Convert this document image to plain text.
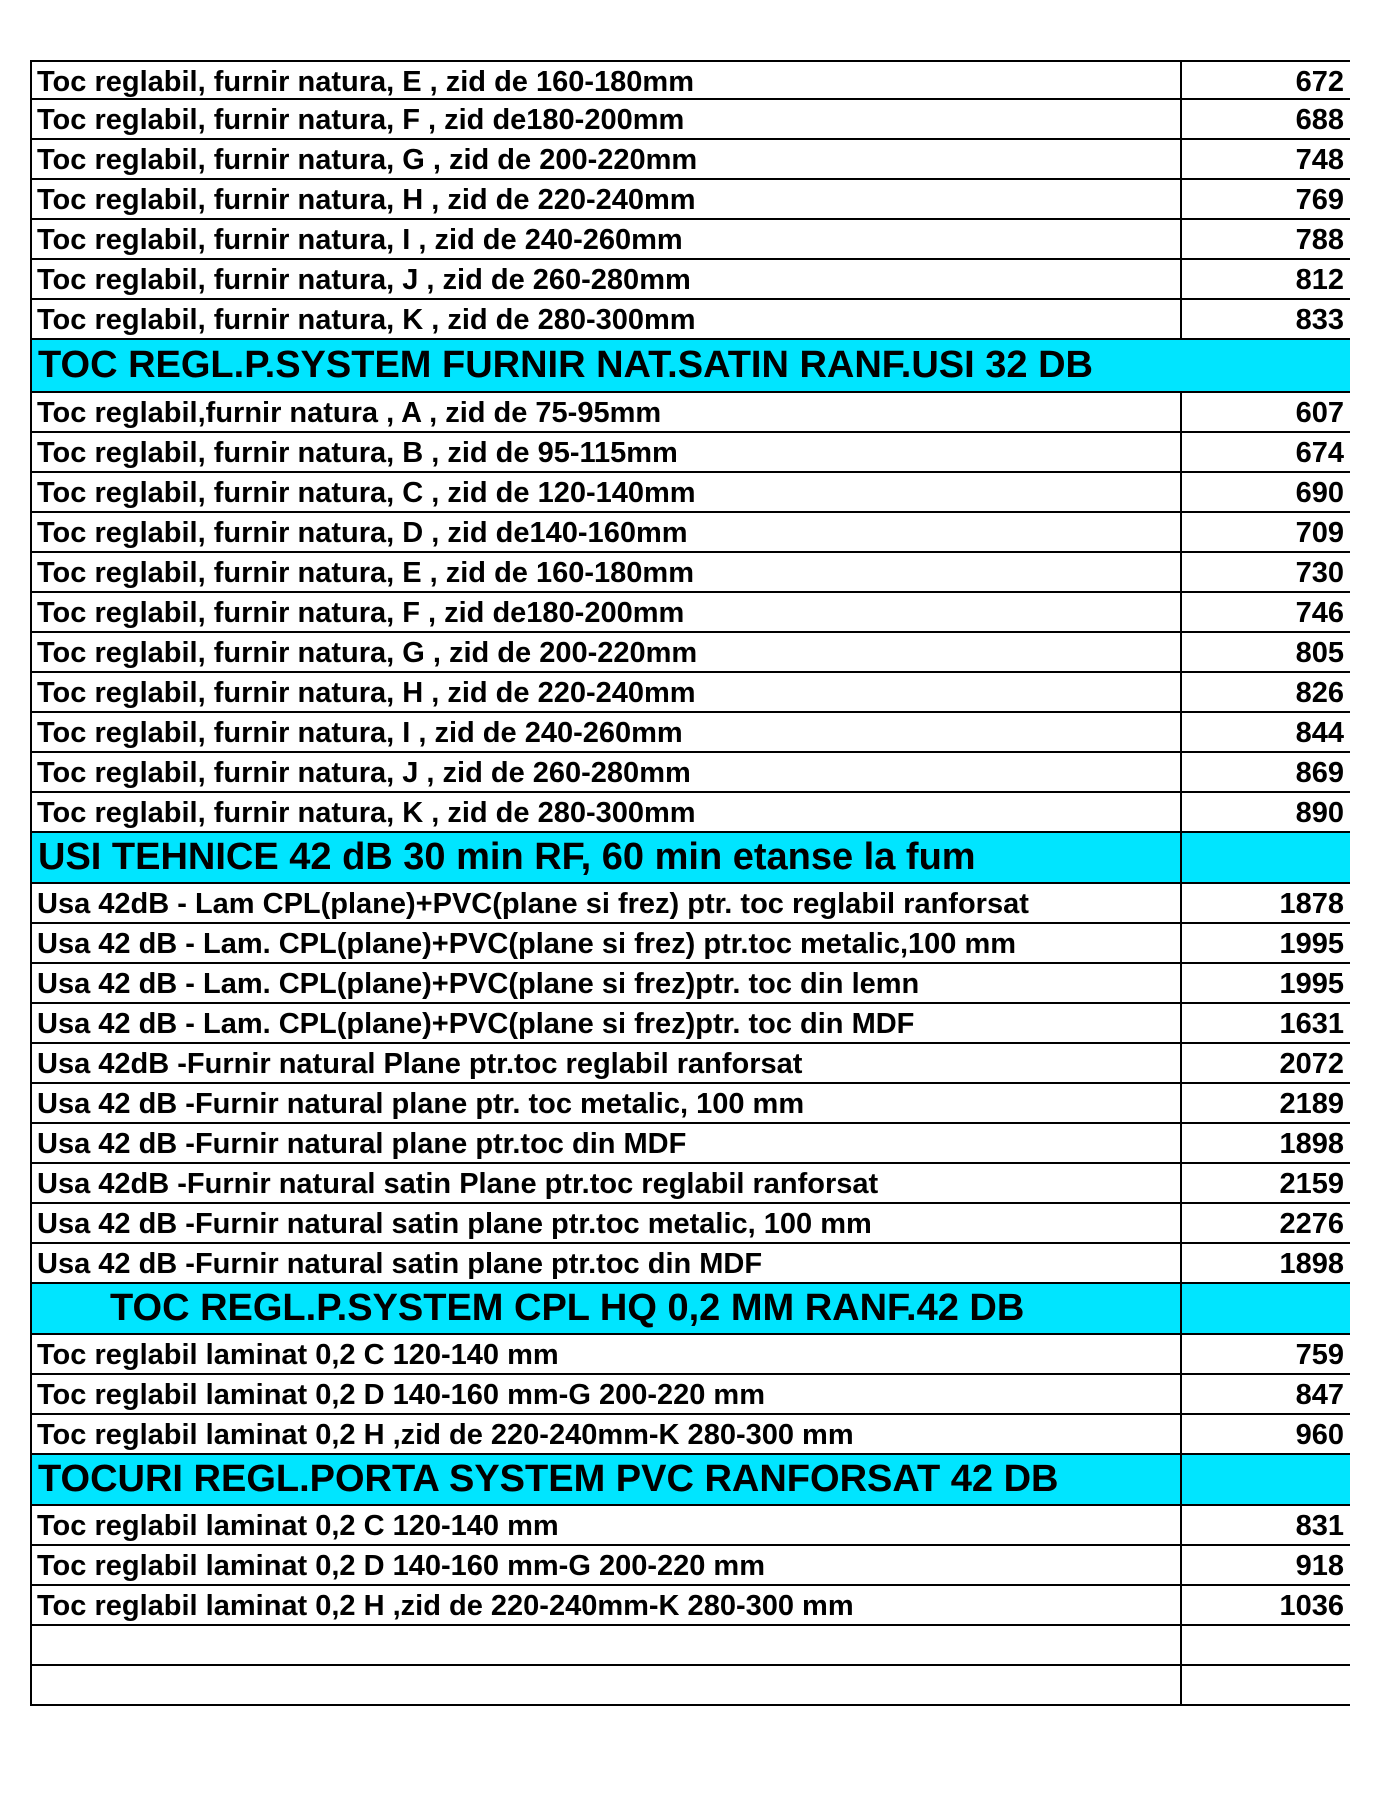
Toc reglabil, furnir natura, E , zid de 160-180mm	672
Toc reglabil, furnir natura, F , zid de180-200mm	688
Toc reglabil, furnir natura, G , zid de 200-220mm	748
Toc reglabil, furnir natura, H , zid de 220-240mm	769
Toc reglabil, furnir natura, I , zid de 240-260mm	788
Toc reglabil, furnir natura, J , zid de 260-280mm	812
Toc reglabil, furnir natura, K , zid de 280-300mm	833
TOC REGL.P.SYSTEM FURNIR NAT.SATIN RANF.USI 32 DB
Toc reglabil,furnir natura , A , zid de 75-95mm	607
Toc reglabil, furnir natura, B , zid de 95-115mm	674
Toc reglabil, furnir natura, C , zid de 120-140mm	690
Toc reglabil, furnir natura, D , zid de140-160mm	709
Toc reglabil, furnir natura, E , zid de 160-180mm	730
Toc reglabil, furnir natura, F , zid de180-200mm	746
Toc reglabil, furnir natura, G , zid de 200-220mm	805
Toc reglabil, furnir natura, H , zid de 220-240mm	826
Toc reglabil, furnir natura, I , zid de 240-260mm	844
Toc reglabil, furnir natura, J , zid de 260-280mm	869
Toc reglabil, furnir natura, K , zid de 280-300mm	890
USI TEHNICE 42 dB 30 min RF, 60 min etanse la fum
Usa 42dB - Lam CPL(plane)+PVC(plane si frez) ptr. toc reglabil ranforsat	1878
Usa 42 dB - Lam. CPL(plane)+PVC(plane si frez) ptr.toc metalic,100 mm	1995
Usa 42 dB - Lam. CPL(plane)+PVC(plane si frez)ptr. toc din lemn	1995
Usa 42 dB - Lam. CPL(plane)+PVC(plane si frez)ptr. toc din MDF	1631
Usa 42dB -Furnir natural Plane ptr.toc reglabil ranforsat	2072
Usa 42 dB -Furnir natural plane ptr. toc metalic, 100 mm	2189
Usa 42 dB -Furnir natural plane ptr.toc din MDF	1898
Usa 42dB -Furnir natural satin Plane ptr.toc reglabil ranforsat	2159
Usa 42 dB -Furnir natural satin plane ptr.toc metalic, 100 mm	2276
Usa 42 dB -Furnir natural satin plane ptr.toc din MDF	1898
TOC REGL.P.SYSTEM CPL HQ 0,2 MM RANF.42 DB
Toc reglabil laminat 0,2 C 120-140 mm	759
Toc reglabil laminat 0,2 D 140-160 mm-G 200-220 mm	847
Toc reglabil laminat 0,2 H ,zid de 220-240mm-K 280-300 mm	960
TOCURI REGL.PORTA SYSTEM PVC RANFORSAT 42 DB
Toc reglabil laminat 0,2 C 120-140 mm	831
Toc reglabil laminat 0,2 D 140-160 mm-G 200-220 mm	918
Toc reglabil laminat 0,2 H ,zid de 220-240mm-K 280-300 mm	1036
